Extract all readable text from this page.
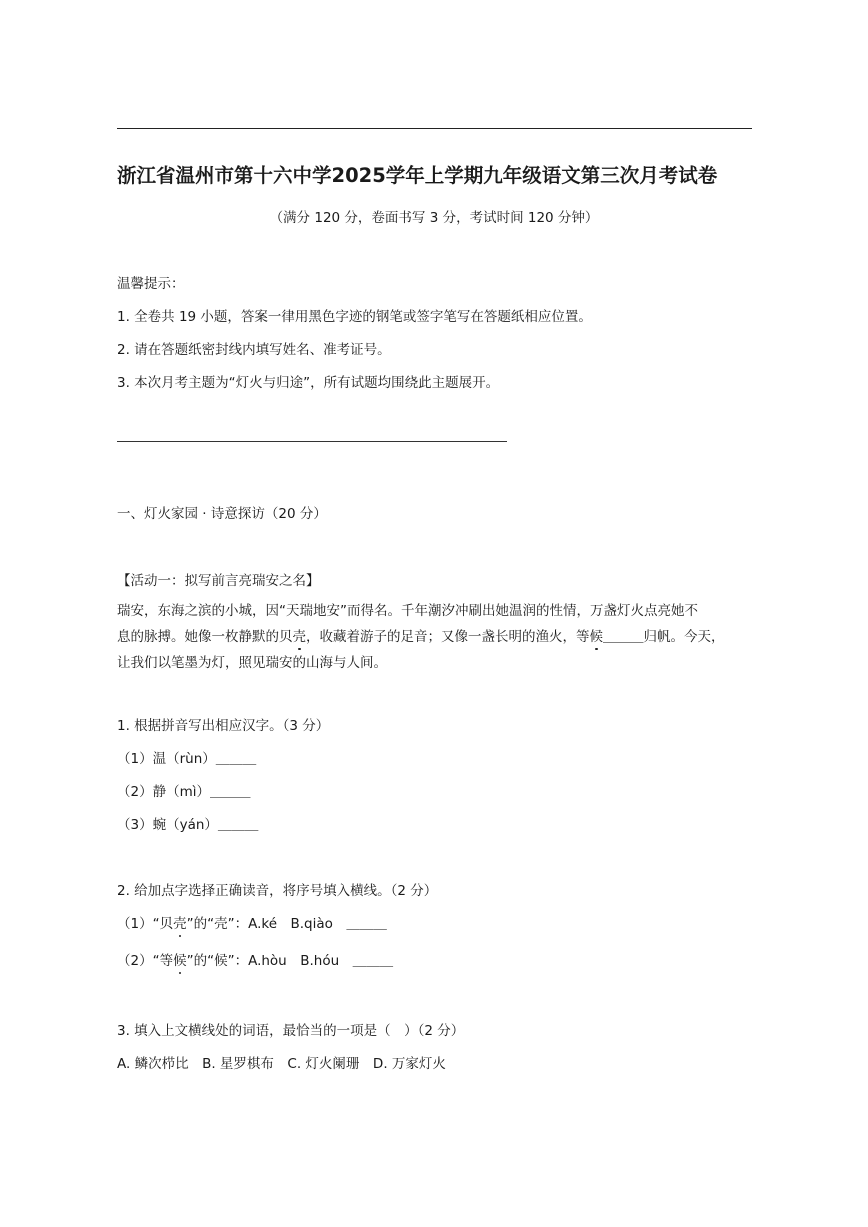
浙江省温州市第十六中学2025学年上学期九年级语文第三次月考试卷
（满分 120 分，卷面书写 3 分，考试时间 120 分钟）
温馨提示：
1. 全卷共 19 小题，答案一律用黑色字迹的钢笔或签字笔写在答题纸相应位置。
2. 请在答题纸密封线内填写姓名、准考证号。
3. 本次月考主题为“灯火与归途”，所有试题均围绕此主题展开。
一、灯火家园 · 诗意探访（20 分）
【活动一：拟写前言亮瑞安之名】
瑞安，东海之滨的小城，因“天瑞地安”而得名。千年潮汐冲刷出她温润的性情，万盏灯火点亮她不
息的脉搏。她像一枚静默的贝壳，收藏着游子的足音；又像一盏长明的渔火，等候＿＿＿归帆。今天，
让我们以笔墨为灯，照见瑞安的山海与人间。
1. 根据拼音写出相应汉字。（3 分）
（1）温（rùn）＿＿＿
（2）静（mì）＿＿＿
（3）蜿（yán）＿＿＿
2. 给加点字选择正确读音，将序号填入横线。（2 分）
（1）“贝壳”的“壳”：A.ké　B.qiào　＿＿＿
（2）“等候”的“候”：A.hòu　B.hóu　＿＿＿
3. 填入上文横线处的词语，最恰当的一项是（　）（2 分）
A. 鳞次栉比　B. 星罗棋布　C. 灯火阑珊　D. 万家灯火
